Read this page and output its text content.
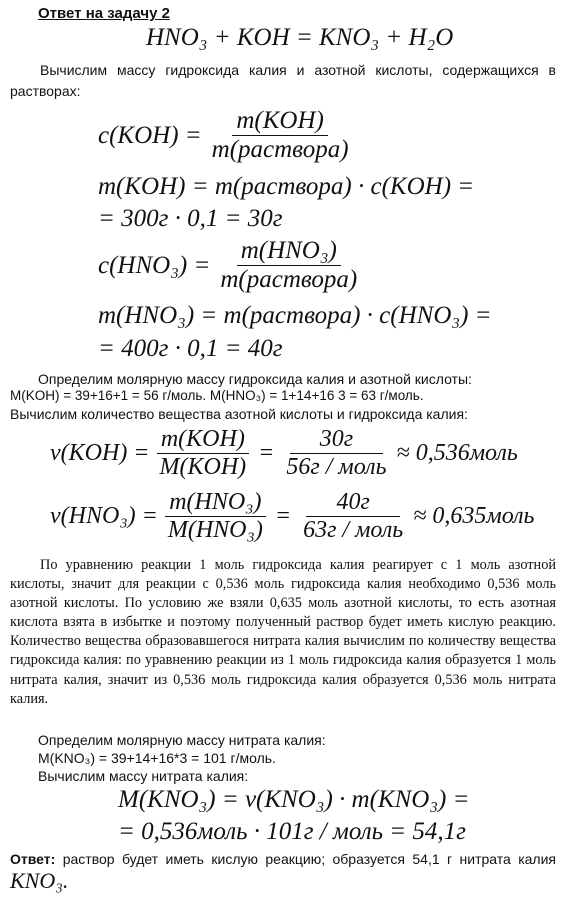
Ответ на задачу 2
HNO₃ + KOH = KNO₃ + H₂O

Вычислим массу гидроксида калия и азотной кислоты, содержащихся в растворах:

$c(KOH) = \frac{\text{m(KOH)}}{\text{m(раствора)}}$
m(KOH) = m(раствора) · c(KOH) =
= 300г · 0,1 = 30г
$c(HNO_3) = \frac{\text{m(HNO₃)}}{\text{m(раствора)}}$
m(HNO₃) = m(раствора) · c(HNO₃) =
= 400г · 0,1 = 40г
Определим молярную массу гидроксида калия и азотной кислоты:
M(KOH) = 39+16+1 = 56 г/моль. M(HNO₃) = 1+14+16 3 = 63 г/моль.
Вычислим количество вещества азотной кислоты и гидроксида калия:
$\nu(KOH) = \frac{\text{m(KOH)}}{\text{M(KOH)}} = \frac{30г}{\text{56г / моль}}$ ≈ 0,536моль
$\nu(HNO_3) = \frac{\text{m(HNO₃)}}{\text{M(HNO₃)}} = \frac{40г}{\text{63г / моль}}$ ≈ 0,635моль

По уравнению реакции 1 моль гидроксида калия реагирует с 1 моль азотной кислоты, значит для реакции с 0,536 моль гидроксида калия необходимо 0,536 моль азотной кислоты. По условию же взяли 0,635 моль азотной кислоты, то есть азотная кислота взята в избытке и поэтому полученный раствор будет иметь кислую реакцию. Количество вещества образовавшегося нитрата калия вычислим по количеству вещества гидроксида калия: по уравнению реакции из 1 моль гидроксида калия образуется 1 моль нитрата калия, значит из 0,536 моль гидроксида калия образуется 0,536 моль нитрата калия.

Определим молярную массу нитрата калия:
M(KNO₃) = 39+14+16*3 = 101 г/моль.
Вычислим массу нитрата калия:
M(KNO₃) = ν(KNO₃) · m(KNO₃) =
= 0,536моль · 101г / моль = 54,1г
Ответ: раствор будет иметь кислую реакцию; образуется 54,1 г нитрата калия KNO₃.
